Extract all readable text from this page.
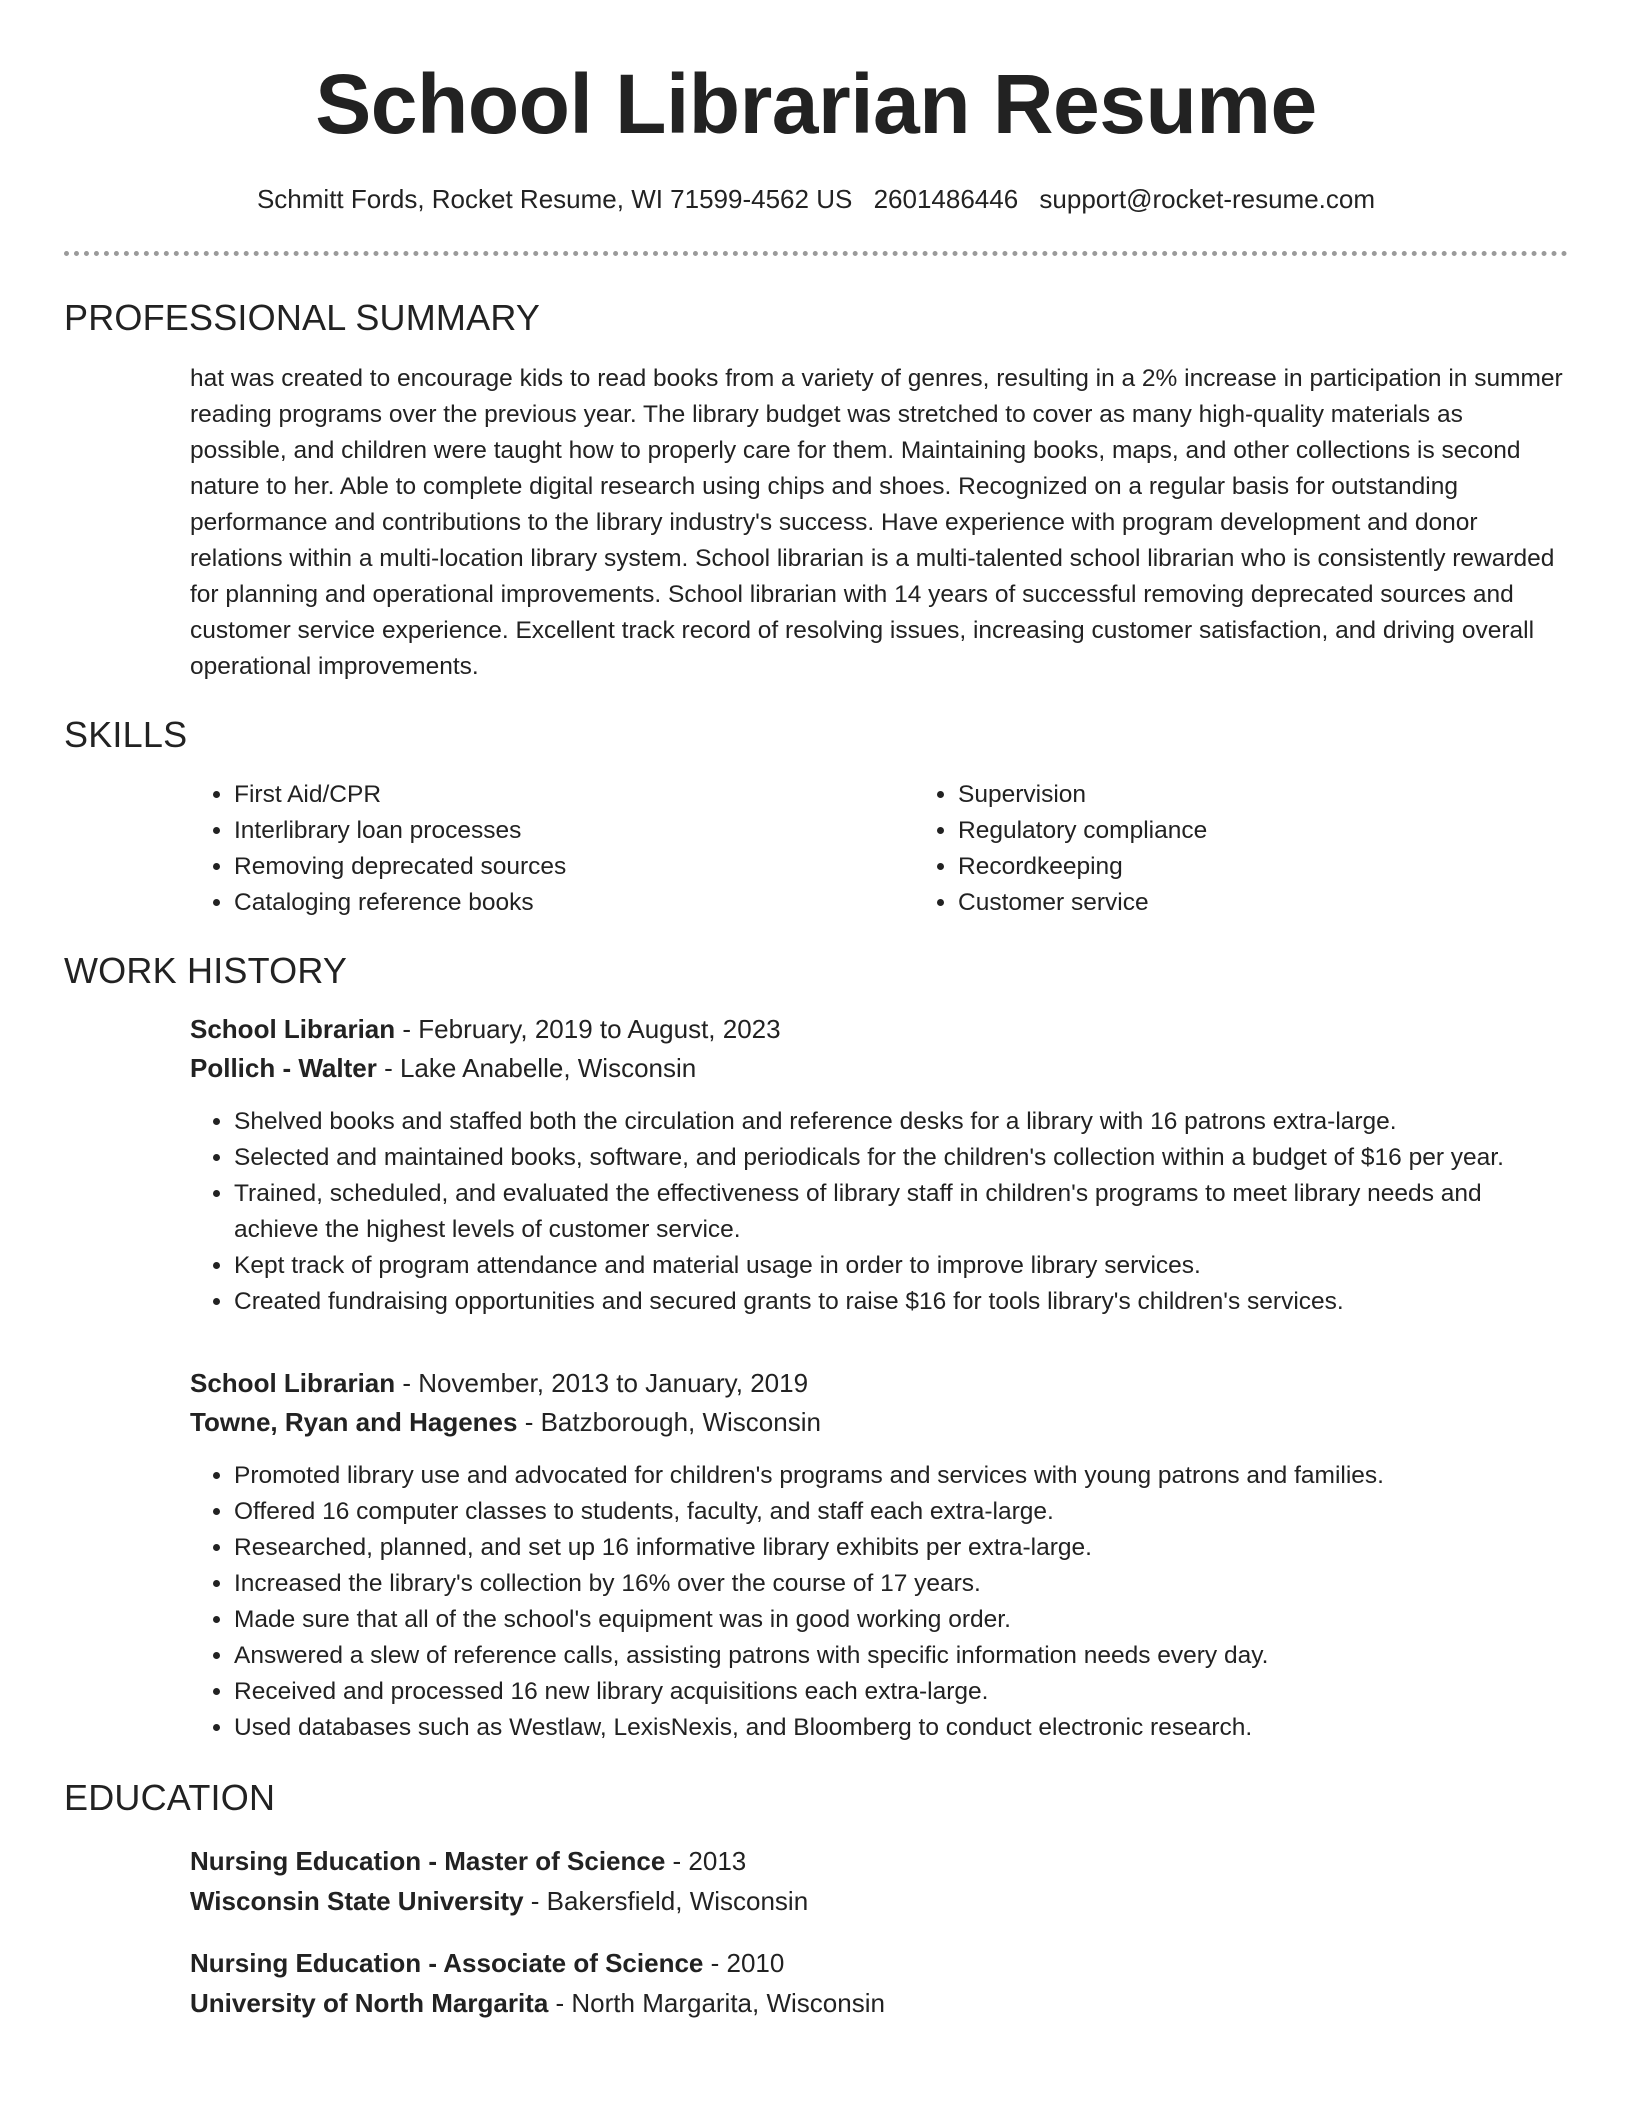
School Librarian Resume
Schmitt Fords, Rocket Resume, WI 71599-4562 US 2601486446 support@rocket-resume.com
PROFESSIONAL SUMMARY
hat was created to encourage kids to read books from a variety of genres, resulting in a 2% increase in participation in summer reading programs over the previous year. The library budget was stretched to cover as many high-quality materials as possible, and children were taught how to properly care for them. Maintaining books, maps, and other collections is second nature to her. Able to complete digital research using chips and shoes. Recognized on a regular basis for outstanding performance and contributions to the library industry's success. Have experience with program development and donor relations within a multi-location library system. School librarian is a multi-talented school librarian who is consistently rewarded for planning and operational improvements. School librarian with 14 years of successful removing deprecated sources and customer service experience. Excellent track record of resolving issues, increasing customer satisfaction, and driving overall operational improvements.
SKILLS
• First Aid/CPR
• Interlibrary loan processes
• Removing deprecated sources
• Cataloging reference books
• Supervision
• Regulatory compliance
• Recordkeeping
• Customer service
WORK HISTORY
School Librarian - February, 2019 to August, 2023
Pollich - Walter - Lake Anabelle, Wisconsin
• Shelved books and staffed both the circulation and reference desks for a library with 16 patrons extra-large.
• Selected and maintained books, software, and periodicals for the children's collection within a budget of $16 per year.
• Trained, scheduled, and evaluated the effectiveness of library staff in children's programs to meet library needs and achieve the highest levels of customer service.
• Kept track of program attendance and material usage in order to improve library services.
• Created fundraising opportunities and secured grants to raise $16 for tools library's children's services.
School Librarian - November, 2013 to January, 2019
Towne, Ryan and Hagenes - Batzborough, Wisconsin
• Promoted library use and advocated for children's programs and services with young patrons and families.
• Offered 16 computer classes to students, faculty, and staff each extra-large.
• Researched, planned, and set up 16 informative library exhibits per extra-large.
• Increased the library's collection by 16% over the course of 17 years.
• Made sure that all of the school's equipment was in good working order.
• Answered a slew of reference calls, assisting patrons with specific information needs every day.
• Received and processed 16 new library acquisitions each extra-large.
• Used databases such as Westlaw, LexisNexis, and Bloomberg to conduct electronic research.
EDUCATION
Nursing Education - Master of Science - 2013
Wisconsin State University - Bakersfield, Wisconsin
Nursing Education - Associate of Science - 2010
University of North Margarita - North Margarita, Wisconsin
